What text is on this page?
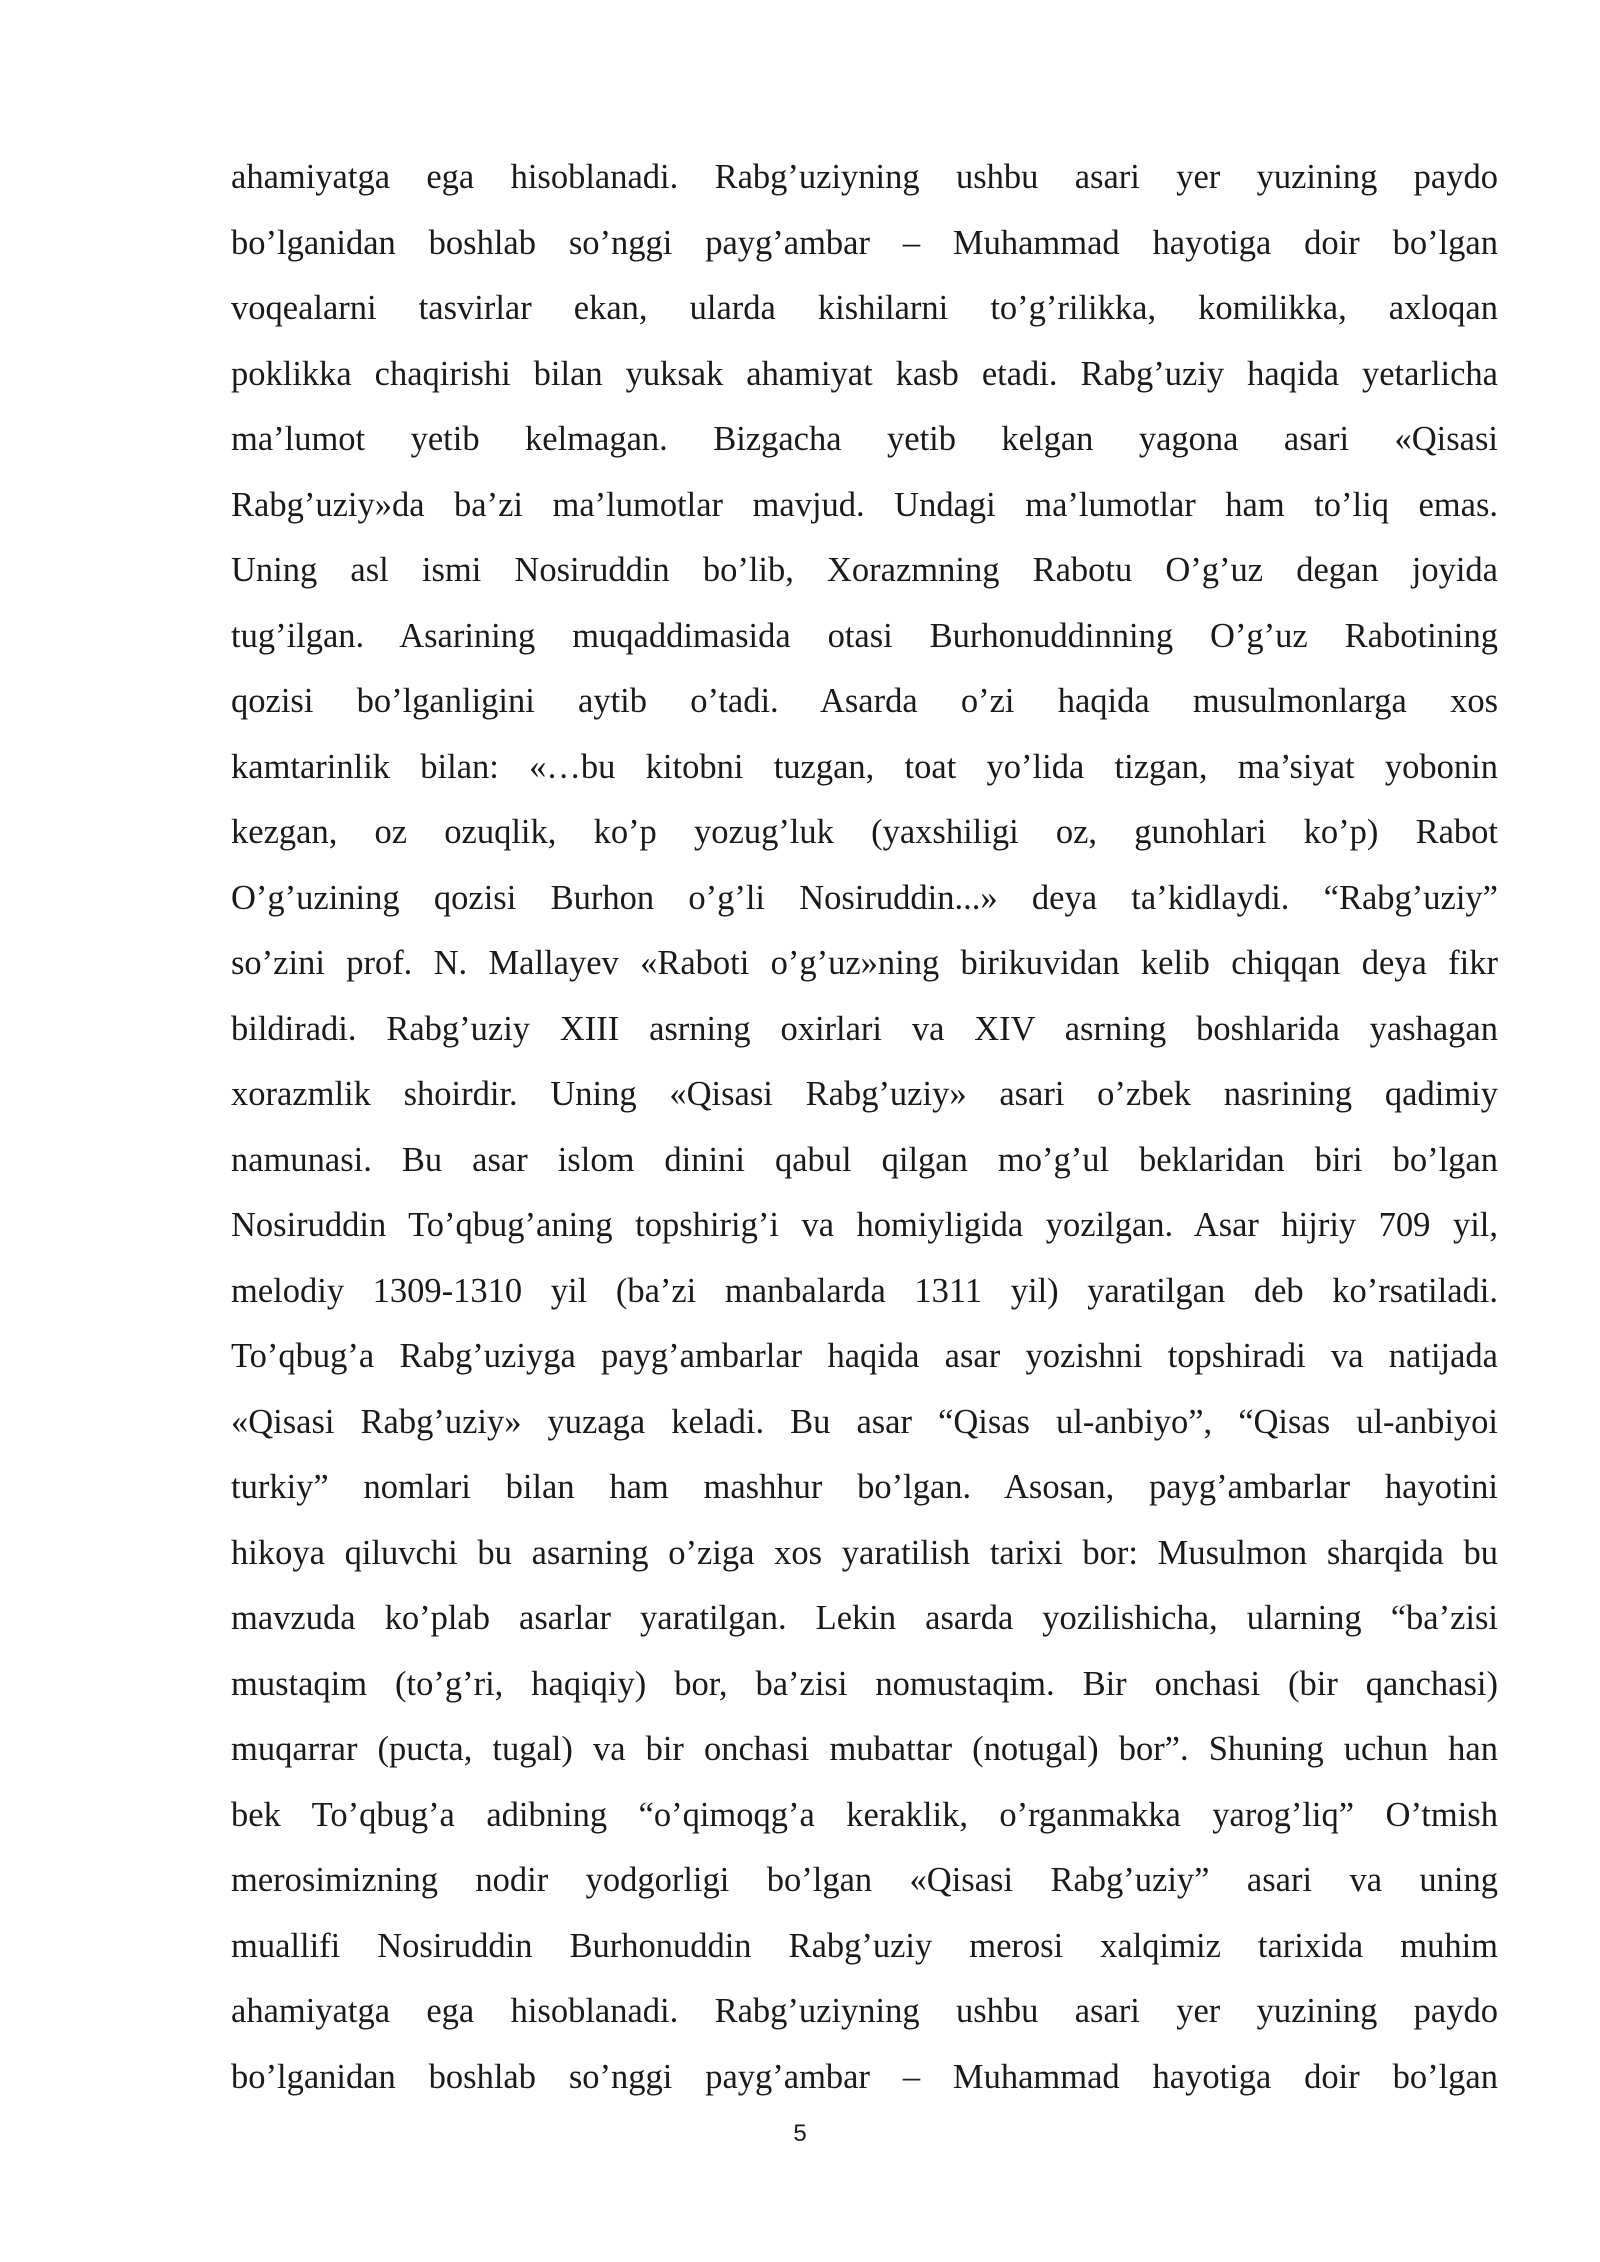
ahamiyatga ega hisoblanadi. Rabg’uziyning ushbu asari yer yuzining paydo
bo’lganidan boshlab so’nggi payg’ambar – Muhammad hayotiga doir bo’lgan
voqealarni tasvirlar ekan, ularda kishilarni to’g’rilikka, komilikka, axloqan
poklikka chaqirishi bilan yuksak ahamiyat kasb etadi. Rabg’uziy haqida yetarlicha
ma’lumot yetib kelmagan. Bizgacha yetib kelgan yagona asari «Qisasi
Rabg’uziy»da ba’zi ma’lumotlar mavjud. Undagi ma’lumotlar ham to’liq emas.
Uning asl ismi Nosiruddin bo’lib, Xorazmning Rabotu O’g’uz degan joyida
tug’ilgan. Asarining muqaddimasida otasi Burhonuddinning O’g’uz Rabotining
qozisi bo’lganligini aytib o’tadi. Asarda o’zi haqida musulmonlarga xos
kamtarinlik bilan: «…bu kitobni tuzgan, toat yo’lida tizgan, ma’siyat yobonin
kezgan, oz ozuqlik, ko’p yozug’luk (yaxshiligi oz, gunohlari ko’p) Rabot
O’g’uzining qozisi Burhon o’g’li Nosiruddin...» deya ta’kidlaydi. “Rabg’uziy”
so’zini prof. N. Mallayev «Raboti o’g’uz»ning birikuvidan kelib chiqqan deya fikr
bildiradi. Rabg’uziy XIII asrning oxirlari va XIV asrning boshlarida yashagan
xorazmlik shoirdir. Uning «Qisasi Rabg’uziy» asari o’zbek nasrining qadimiy
namunasi. Bu asar islom dinini qabul qilgan mo’g’ul beklaridan biri bo’lgan
Nosiruddin To’qbug’aning topshirig’i va homiyligida yozilgan. Asar hijriy 709 yil,
melodiy 1309-1310 yil (ba’zi manbalarda 1311 yil) yaratilgan deb ko’rsatiladi.
To’qbug’a Rabg’uziyga payg’ambarlar haqida asar yozishni topshiradi va natijada
«Qisasi Rabg’uziy» yuzaga keladi. Bu asar “Qisas ul-anbiyo”, “Qisas ul-anbiyoi
turkiy” nomlari bilan ham mashhur bo’lgan. Asosan, payg’ambarlar hayotini
hikoya qiluvchi bu asarning o’ziga xos yaratilish tarixi bor: Musulmon sharqida bu
mavzuda ko’plab asarlar yaratilgan. Lekin asarda yozilishicha, ularning “ba’zisi
mustaqim (to’g’ri, haqiqiy) bor, ba’zisi nomustaqim. Bir onchasi (bir qanchasi)
muqarrar (pucta, tugal) va bir onchasi mubattar (notugal) bor”. Shuning uchun han
bek To’qbug’a adibning “o’qimoqg’a keraklik, o’rganmakka yarog’liq” O’tmish
merosimizning nodir yodgorligi bo’lgan «Qisasi Rabg’uziy” asari va uning
muallifi Nosiruddin Burhonuddin Rabg’uziy merosi xalqimiz tarixida muhim
ahamiyatga ega hisoblanadi. Rabg’uziyning ushbu asari yer yuzining paydo
bo’lganidan boshlab so’nggi payg’ambar – Muhammad hayotiga doir bo’lgan
5
